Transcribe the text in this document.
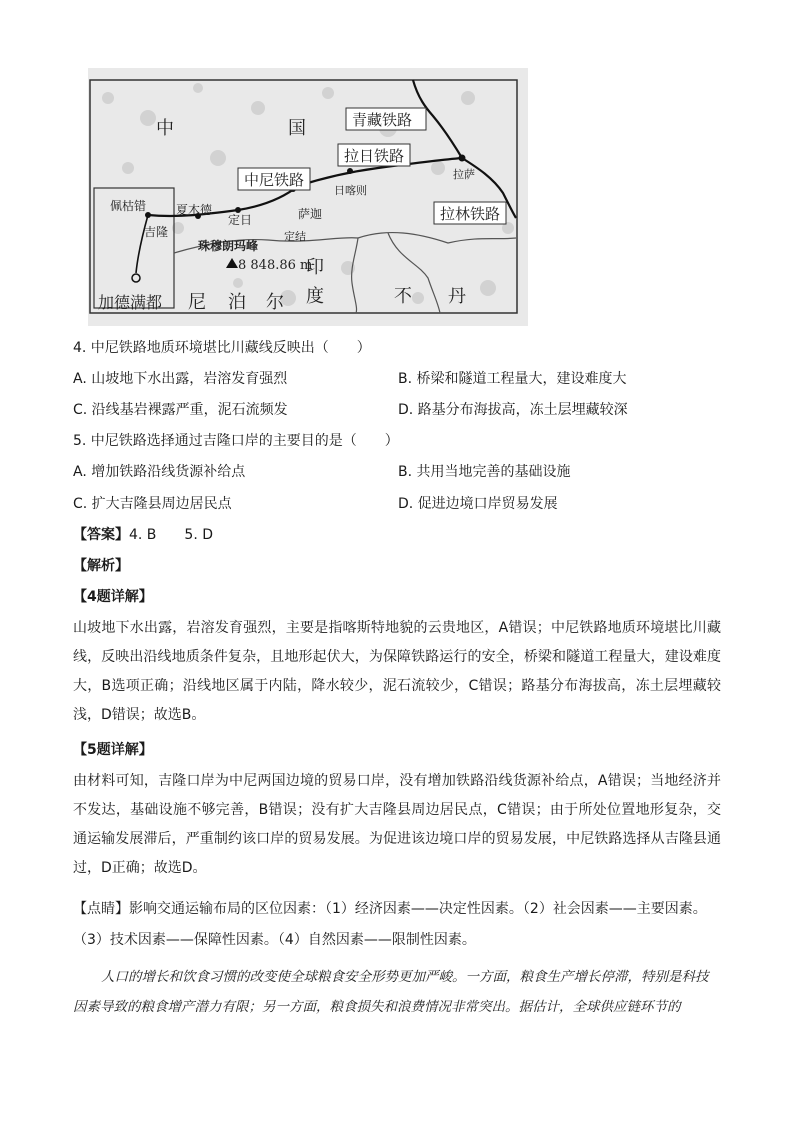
中	国	青藏铁路
拉日铁路
中尼铁路
拉林铁路
拉萨
日喀则
萨迦
定结
定日
夏木德
佩枯错
吉隆
珠穆朗玛峰
8 848.86 m
加德满都 尼 泊 尔
印
度	不 丹
4. 中尼铁路地质环境堪比川藏线反映出（　　）
A. 山坡地下水出露，岩溶发育强烈	B. 桥梁和隧道工程量大，建设难度大
C. 沿线基岩裸露严重，泥石流频发	D. 路基分布海拔高，冻土层埋藏较深
5. 中尼铁路选择通过吉隆口岸的主要目的是（　　）
A. 增加铁路沿线货源补给点	B. 共用当地完善的基础设施
C. 扩大吉隆县周边居民点	D. 促进边境口岸贸易发展
【答案】4. B　　5. D
【解析】
【4题详解】
山坡地下水出露，岩溶发育强烈，主要是指喀斯特地貌的云贵地区，A错误；中尼铁路地质环境堪比川藏线，反映出沿线地质条件复杂，且地形起伏大，为保障铁路运行的安全，桥梁和隧道工程量大，建设难度大，B选项正确；沿线地区属于内陆，降水较少，泥石流较少，C错误；路基分布海拔高，冻土层埋藏较浅，D错误；故选B。
【5题详解】
由材料可知，吉隆口岸为中尼两国边境的贸易口岸，没有增加铁路沿线货源补给点，A错误；当地经济并不发达，基础设施不够完善，B错误；没有扩大吉隆县周边居民点，C错误；由于所处位置地形复杂，交通运输发展滞后，严重制约该口岸的贸易发展。为促进该边境口岸的贸易发展，中尼铁路选择从吉隆县通过，D正确；故选D。
【点睛】影响交通运输布局的区位因素：（1）经济因素——决定性因素。（2）社会因素——主要因素。
（3）技术因素——保障性因素。（4）自然因素——限制性因素。
人口的增长和饮食习惯的改变使全球粮食安全形势更加严峻。一方面，粮食生产增长停滞，特别是科技因素导致的粮食增产潜力有限；另一方面，粮食损失和浪费情况非常突出。据估计，全球供应链环节的
